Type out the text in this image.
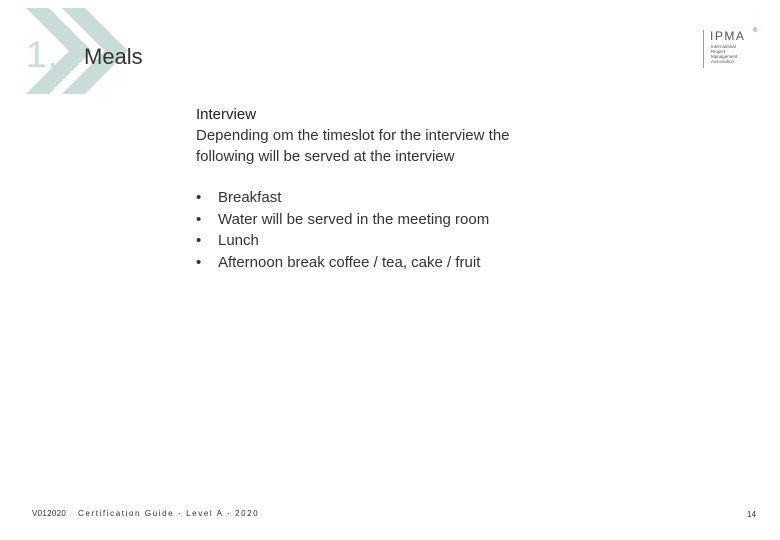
1. Meals
IPMA ®
International
Project
Management
Association
Interview
Depending om the timeslot for the interview the following will be served at the interview
• Breakfast
• Water will be served in the meeting room
• Lunch
• Afternoon break coffee / tea, cake / fruit
V012020 Certification Guide · Level A · 2020	14
